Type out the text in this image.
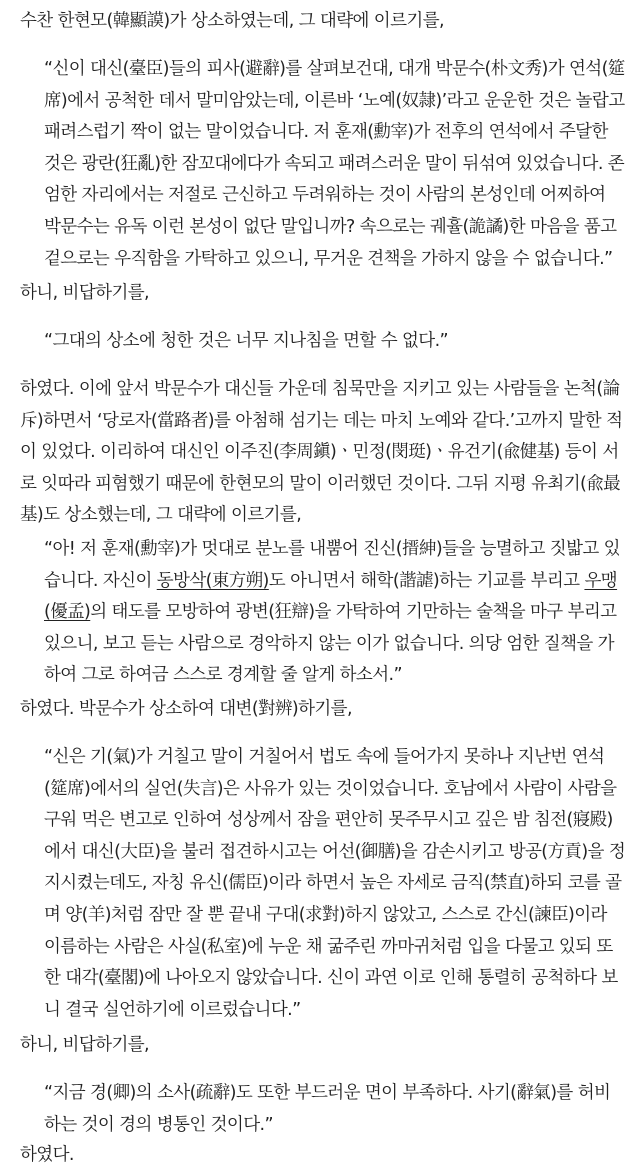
수찬 한현모(韓顯謨)가 상소하였는데, 그 대략에 이르기를,

“신이 대신(臺臣)들의 피사(避辭)를 살펴보건대, 대개 박문수(朴文秀)가 연석(筵席)에서 공척한 데서 말미암았는데, 이른바 ‘노예(奴隷)’라고 운운한 것은 놀랍고 패려스럽기 짝이 없는 말이었습니다. 저 훈재(勳宰)가 전후의 연석에서 주달한 것은 광란(狂亂)한 잠꼬대에다가 속되고 패려스러운 말이 뒤섞여 있었습니다. 존엄한 자리에서는 저절로 근신하고 두려워하는 것이 사람의 본성인데 어찌하여 박문수는 유독 이런 본성이 없단 말입니까? 속으로는 궤휼(詭譎)한 마음을 품고 겉으로는 우직함을 가탁하고 있으니, 무거운 견책을 가하지 않을 수 없습니다.”

하니, 비답하기를,

“그대의 상소에 청한 것은 너무 지나침을 면할 수 없다.”

하였다. 이에 앞서 박문수가 대신들 가운데 침묵만을 지키고 있는 사람들을 논척(論斥)하면서 ‘당로자(當路者)를 아첨해 섬기는 데는 마치 노예와 같다.’고까지 말한 적이 있었다. 이리하여 대신인 이주진(李周鎭)ㆍ민정(閔珽)ㆍ유건기(兪健基) 등이 서로 잇따라 피혐했기 때문에 한현모의 말이 이러했던 것이다. 그뒤 지평 유최기(兪最基)도 상소했는데, 그 대략에 이르기를,

“아! 저 훈재(勳宰)가 멋대로 분노를 내뿜어 진신(搢紳)들을 능멸하고 짓밟고 있습니다. 자신이 동방삭(東方朔)도 아니면서 해학(諧謔)하는 기교를 부리고 우맹(優孟)의 태도를 모방하여 광변(狂辯)을 가탁하여 기만하는 술책을 마구 부리고 있으니, 보고 듣는 사람으로 경악하지 않는 이가 없습니다. 의당 엄한 질책을 가하여 그로 하여금 스스로 경계할 줄 알게 하소서.”

하였다. 박문수가 상소하여 대변(對辨)하기를,

“신은 기(氣)가 거칠고 말이 거칠어서 법도 속에 들어가지 못하나 지난번 연석(筵席)에서의 실언(失言)은 사유가 있는 것이었습니다. 호남에서 사람이 사람을 구워 먹은 변고로 인하여 성상께서 잠을 편안히 못주무시고 깊은 밤 침전(寢殿)에서 대신(大臣)을 불러 접견하시고는 어선(御膳)을 감손시키고 방공(方貢)을 정지시켰는데도, 자칭 유신(儒臣)이라 하면서 높은 자세로 금직(禁直)하되 코를 골며 양(羊)처럼 잠만 잘 뿐 끝내 구대(求對)하지 않았고, 스스로 간신(諫臣)이라 이름하는 사람은 사실(私室)에 누운 채 굶주린 까마귀처럼 입을 다물고 있되 또한 대각(臺閣)에 나아오지 않았습니다. 신이 과연 이로 인해 통렬히 공척하다 보니 결국 실언하기에 이르렀습니다.”

하니, 비답하기를,

“지금 경(卿)의 소사(疏辭)도 또한 부드러운 면이 부족하다. 사기(辭氣)를 허비하는 것이 경의 병통인 것이다.”

하였다.
